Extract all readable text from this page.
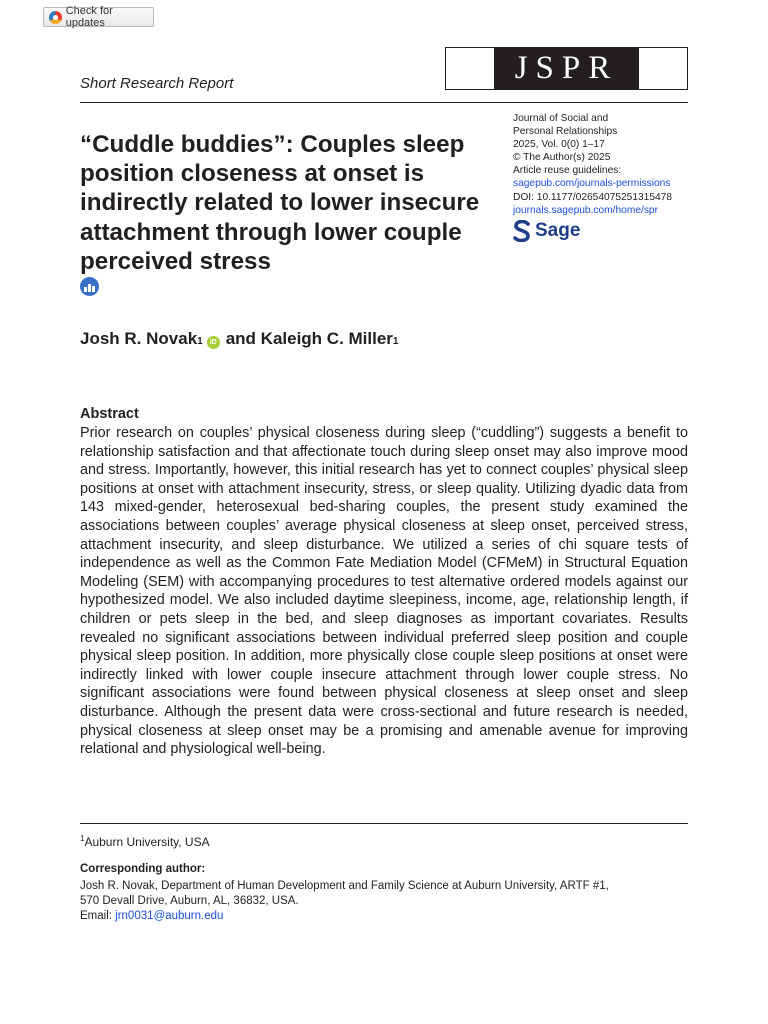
Check for updates
JSPR
Short Research Report
Journal of Social and
Personal Relationships
2025, Vol. 0(0) 1–17
© The Author(s) 2025
Article reuse guidelines:
sagepub.com/journals-permissions
DOI: 10.1177/02654075251315478
journals.sagepub.com/home/spr
Sage
“Cuddle buddies”: Couples sleep position closeness at onset is indirectly related to lower insecure attachment through lower couple perceived stress
Josh R. Novak 1	iD and Kaleigh C. Miller 1
Abstract
Prior research on couples’ physical closeness during sleep (“cuddling”) suggests a benefit to relationship satisfaction and that affectionate touch during sleep onset may also improve mood and stress. Importantly, however, this initial research has yet to connect couples’ physical sleep positions at onset with attachment insecurity, stress, or sleep quality. Utilizing dyadic data from 143 mixed-gender, heterosexual bed-sharing couples, the present study examined the associations between couples’ average physical closeness at sleep onset, perceived stress, attachment insecurity, and sleep disturbance. We utilized a series of chi square tests of independence as well as the Common Fate Mediation Model (CFMeM) in Structural Equation Modeling (SEM) with accompanying procedures to test alternative ordered models against our hypothesized model. We also included daytime sleepiness, income, age, relationship length, if children or pets sleep in the bed, and sleep diagnoses as important covariates. Results revealed no significant associations between individual preferred sleep position and couple physical sleep position. In addition, more physically close couple sleep positions at onset were indirectly linked with lower couple insecure attachment through lower couple stress. No significant associations were found between physical closeness at sleep onset and sleep disturbance. Although the present data were cross-sectional and future research is needed, physical closeness at sleep onset may be a promising and amenable avenue for improving relational and physiological well-being.
$^1$Auburn University, USA
Corresponding author:
Josh R. Novak, Department of Human Development and Family Science at Auburn University, ARTF #1,
570 Devall Drive, Auburn, AL, 36832, USA.
Email: jrn0031@auburn.edu
